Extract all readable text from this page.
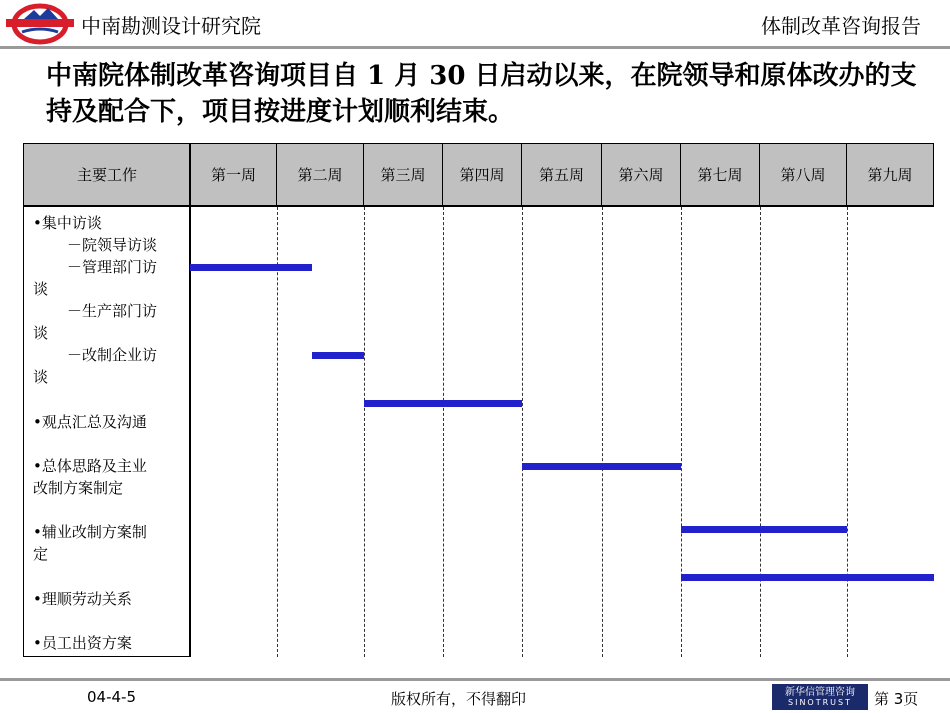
中南勘测设计研究院	体制改革咨询报告
中南院体制改革咨询项目自 1 月 30 日启动以来，在院领导和原体改办的支持及配合下，项目按进度计划顺利结束。
主要工作	第一周	第二周	第三周	第四周	第五周	第六周	第七周	第八周	第九周
•集中访谈
－院领导访谈
－管理部门访
谈
－生产部门访
谈
－改制企业访
谈
•观点汇总及沟通
•总体思路及主业
改制方案制定
•辅业改制方案制
定
•理顺劳动关系
•员工出资方案
04-4-5	版权所有，不得翻印	新华信管理咨询
SINOTRUST 第 3页
